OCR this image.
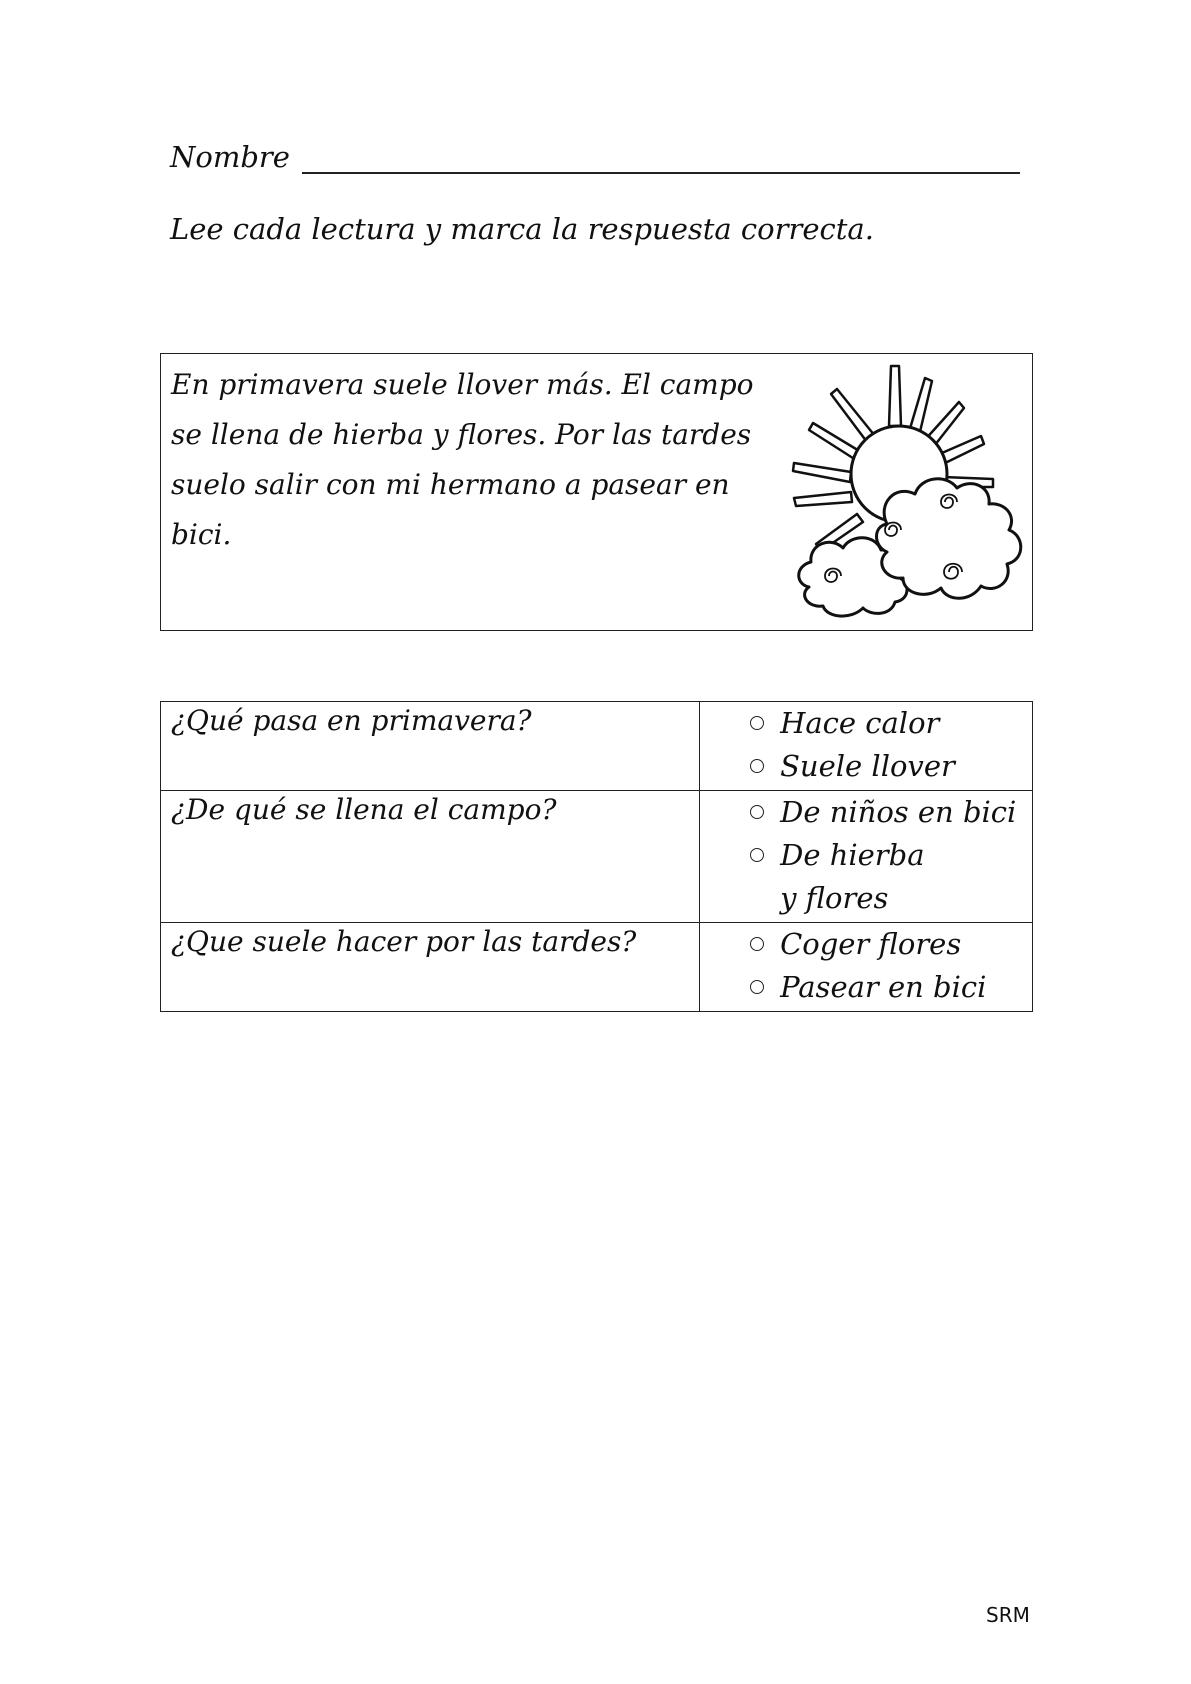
Nombre
Lee cada lectura y marca la respuesta correcta.
En primavera suele llover más. El campo se llena de hierba y flores. Por las tardes suelo salir con mi hermano a pasear en bici.
¿Qué pasa en primavera?	Hace calor
Suele llover

¿De qué se llena el campo?	De niños en bici
De hierba y flores

¿Que suele hacer por las tardes?	Coger flores
Pasear en bici
SRM
